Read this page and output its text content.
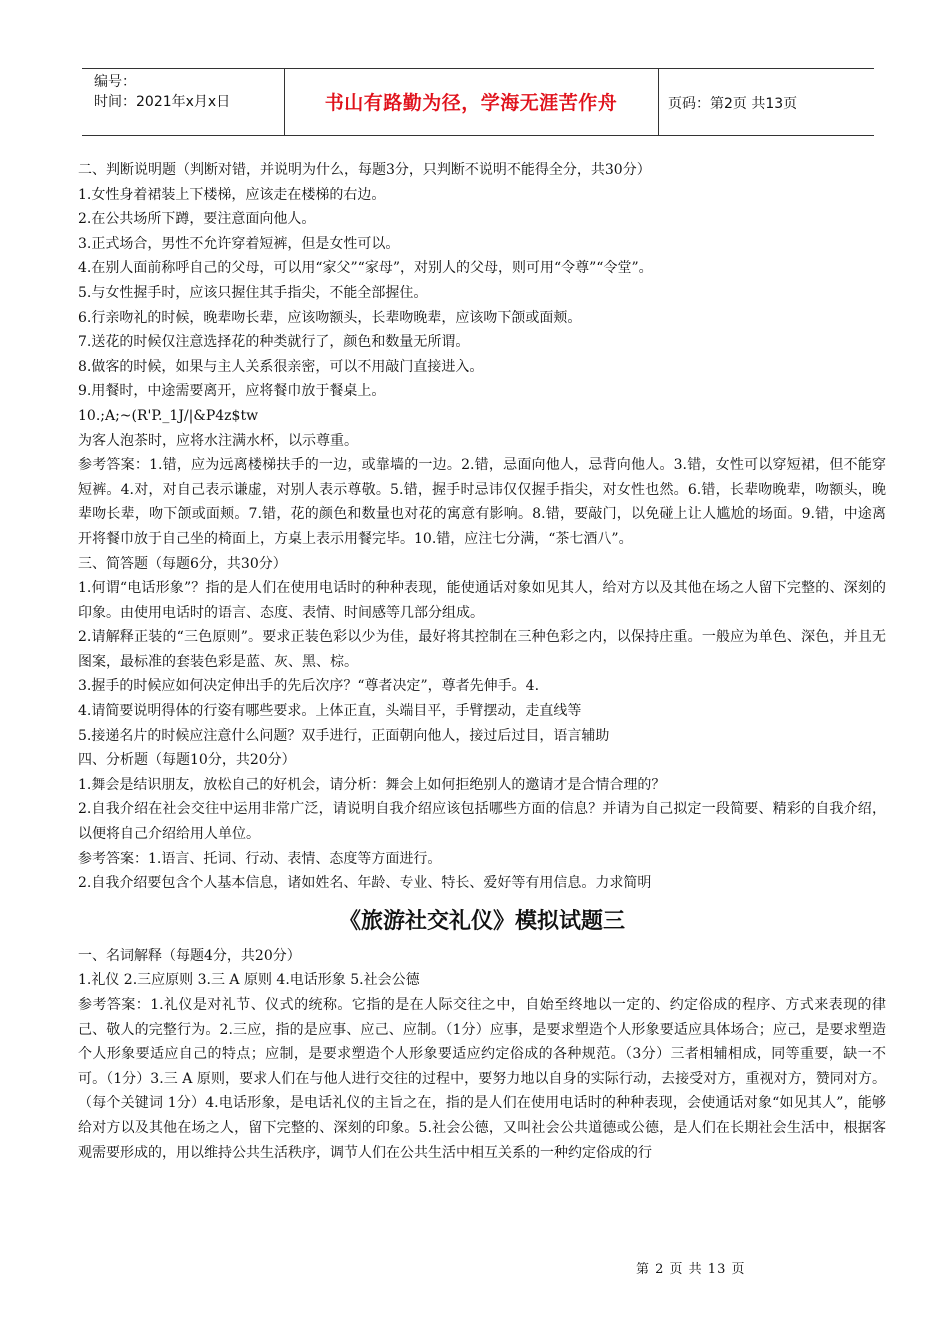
编号：
时间：2021年x月x日	书山有路勤为径，学海无涯苦作舟	页码：第2页 共13页

二、判断说明题（判断对错，并说明为什么，每题3分，只判断不说明不能得全分，共30分）

1.女性身着裙装上下楼梯，应该走在楼梯的右边。

2.在公共场所下蹲，要注意面向他人。

3.正式场合，男性不允许穿着短裤，但是女性可以。

4.在别人面前称呼自己的父母，可以用“家父”“家母”，对别人的父母，则可用“令尊”“令堂”。

5.与女性握手时，应该只握住其手指尖，不能全部握住。

6.行亲吻礼的时候，晚辈吻长辈，应该吻额头，长辈吻晚辈，应该吻下颌或面颊。

7.送花的时候仅注意选择花的种类就行了，颜色和数量无所谓。

8.做客的时候，如果与主人关系很亲密，可以不用敲门直接进入。

9.用餐时，中途需要离开，应将餐巾放于餐桌上。

10.;A;~(R'P._1J/|&P4z$tw

为客人泡茶时，应将水注满水杯，以示尊重。

参考答案：1.错，应为远离楼梯扶手的一边，或靠墙的一边。2.错，忌面向他人，忌背向他人。3.错，女性可以穿短裙，但不能穿短裤。4.对，对自己表示谦虚，对别人表示尊敬。5.错，握手时忌讳仅仅握手指尖，对女性也然。6.错，长辈吻晚辈，吻额头，晚辈吻长辈，吻下颌或面颊。7.错，花的颜色和数量也对花的寓意有影响。8.错，要敲门，以免碰上让人尴尬的场面。9.错，中途离开将餐巾放于自己坐的椅面上，方桌上表示用餐完毕。10.错，应注七分满，“茶七酒八”。

三、简答题（每题6分，共30分）

1.何谓“电话形象”？指的是人们在使用电话时的种种表现，能使通话对象如见其人，给对方以及其他在场之人留下完整的、深刻的印象。由使用电话时的语言、态度、表情、时间感等几部分组成。

2.请解释正装的“三色原则”。要求正装色彩以少为佳，最好将其控制在三种色彩之内，以保持庄重。一般应为单色、深色，并且无图案，最标准的套装色彩是蓝、灰、黑、棕。

3.握手的时候应如何决定伸出手的先后次序？“尊者决定”，尊者先伸手。4.

4.请简要说明得体的行姿有哪些要求。上体正直，头端目平，手臂摆动，走直线等

5.接递名片的时候应注意什么问题？双手进行，正面朝向他人，接过后过目，语言辅助

四、分析题（每题10分，共20分）

1.舞会是结识朋友，放松自己的好机会，请分析：舞会上如何拒绝别人的邀请才是合情合理的？

2.自我介绍在社会交往中运用非常广泛，请说明自我介绍应该包括哪些方面的信息？并请为自己拟定一段简要、精彩的自我介绍，以便将自己介绍给用人单位。

参考答案：1.语言、托词、行动、表情、态度等方面进行。

2.自我介绍要包含个人基本信息，诸如姓名、年龄、专业、特长、爱好等有用信息。力求简明

《旅游社交礼仪》模拟试题三

一、名词解释（每题4分，共20分）

1.礼仪 2.三应原则 3.三 A 原则 4.电话形象 5.社会公德

参考答案：1.礼仪是对礼节、仪式的统称。它指的是在人际交往之中，自始至终地以一定的、约定俗成的程序、方式来表现的律己、敬人的完整行为。2.三应，指的是应事、应己、应制。（1分）应事，是要求塑造个人形象要适应具体场合；应己，是要求塑造个人形象要适应自己的特点；应制，是要求塑造个人形象要适应约定俗成的各种规范。（3分）三者相辅相成，同等重要，缺一不可。（1分）3.三 A 原则，要求人们在与他人进行交往的过程中，要努力地以自身的实际行动，去接受对方，重视对方，赞同对方。（每个关键词 1分）4.电话形象，是电话礼仪的主旨之在，指的是人们在使用电话时的种种表现，会使通话对象“如见其人”，能够给对方以及其他在场之人，留下完整的、深刻的印象。5.社会公德，又叫社会公共道德或公德，是人们在长期社会生活中，根据客观需要形成的，用以维持公共生活秩序，调节人们在公共生活中相互关系的一种约定俗成的行

第 2 页 共 13 页
